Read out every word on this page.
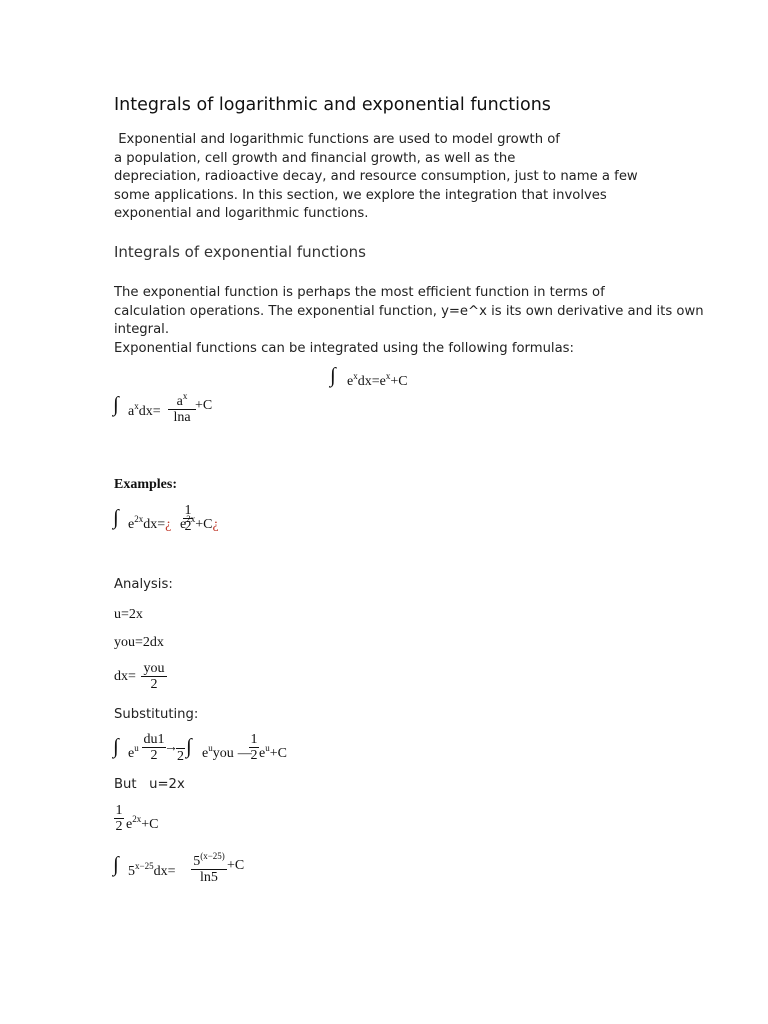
Integrals of logarithmic and exponential functions
Exponential and logarithmic functions are used to model growth of
a population, cell growth and financial growth, as well as the
depreciation, radioactive decay, and resource consumption, just to name a few
some applications. In this section, we explore the integration that involves
exponential and logarithmic functions.
Integrals of exponential functions
The exponential function is perhaps the most efficient function in terms of
calculation operations. The exponential function, y=e^x is its own derivative and its own
integral.
Exponential functions can be integrated using the following formulas:
∫ $e^xdx=e^x+C$
∫ $a^xdx= \frac{a^x}{\ln a} +C$
Examples:
∫ $e^{2x}dx=¿ \frac{1}{2}$
$e^{2x}+C¿$
Analysis:
u=2x
you=2dx
dx=
you
2
Substituting:
∫ $e^u \frac{du1}{2}$
→
2 ∫ $e^uyou$ —
$\frac{1}{2} e^u+C$
But   u=2x
$\frac{1}{2} e^{2x}+C$
∫ $5^{x-25}dx= \frac{5^{(x-25)}}{\ln 5} +C$
